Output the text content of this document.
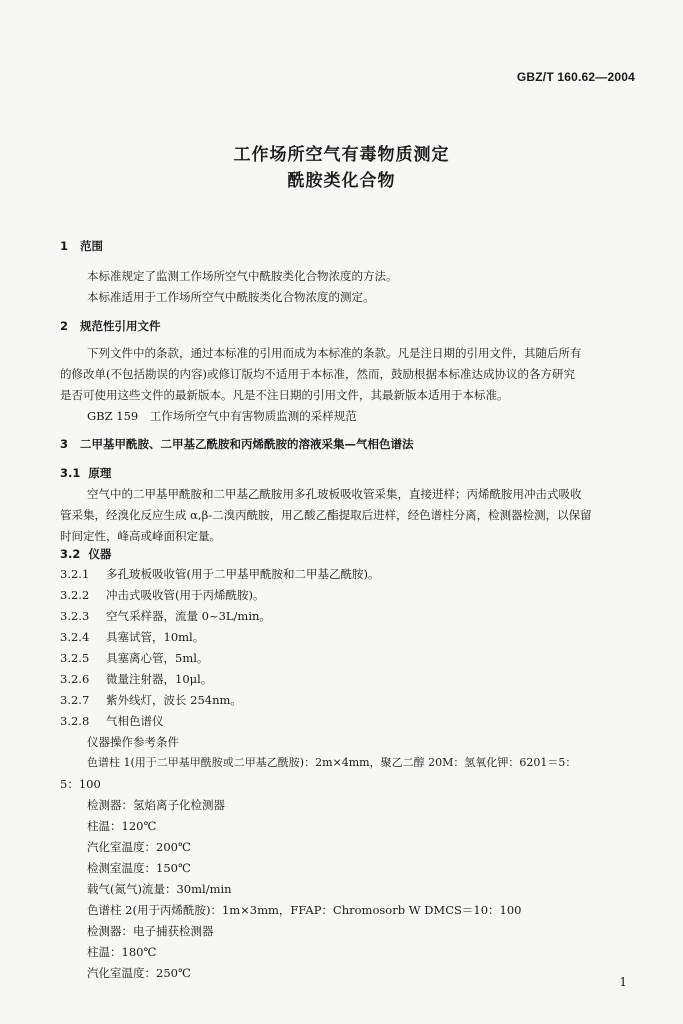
GBZ/T 160.62—2004
工作场所空气有毒物质测定
酰胺类化合物
1 范围
本标准规定了监测工作场所空气中酰胺类化合物浓度的方法。
本标准适用于工作场所空气中酰胺类化合物浓度的测定。
2 规范性引用文件
下列文件中的条款，通过本标准的引用而成为本标准的条款。凡是注日期的引用文件，其随后所有
的修改单(不包括勘误的内容)或修订版均不适用于本标准，然而，鼓励根据本标准达成协议的各方研究
是否可使用这些文件的最新版本。凡是不注日期的引用文件，其最新版本适用于本标准。
GBZ 159　工作场所空气中有害物质监测的采样规范
3 二甲基甲酰胺、二甲基乙酰胺和丙烯酰胺的溶液采集—气相色谱法
3.1 原理
空气中的二甲基甲酰胺和二甲基乙酰胺用多孔玻板吸收管采集，直接进样；丙烯酰胺用冲击式吸收
管采集，经溴化反应生成 α,β-二溴丙酰胺，用乙酸乙酯提取后进样，经色谱柱分离，检测器检测，以保留
时间定性，峰高或峰面积定量。
3.2 仪器
3.2.1 多孔玻板吸收管(用于二甲基甲酰胺和二甲基乙酰胺)。
3.2.2 冲击式吸收管(用于丙烯酰胺)。
3.2.3 空气采样器，流量 0~3L/min。
3.2.4 具塞试管，10ml。
3.2.5 具塞离心管，5ml。
3.2.6 微量注射器，10μl。
3.2.7 紫外线灯，波长 254nm。
3.2.8 气相色谱仪
仪器操作参考条件
色谱柱 1(用于二甲基甲酰胺或二甲基乙酰胺)：2m×4mm，聚乙二醇 20M：氢氧化钾：6201＝5：
5：100
检测器：氢焰离子化检测器
柱温：120℃
汽化室温度：200℃
检测室温度：150℃
载气(氮气)流量：30ml/min
色谱柱 2(用于丙烯酰胺)：1m×3mm，FFAP：Chromosorb W DMCS＝10：100
检测器：电子捕获检测器
柱温：180℃
汽化室温度：250℃
1
